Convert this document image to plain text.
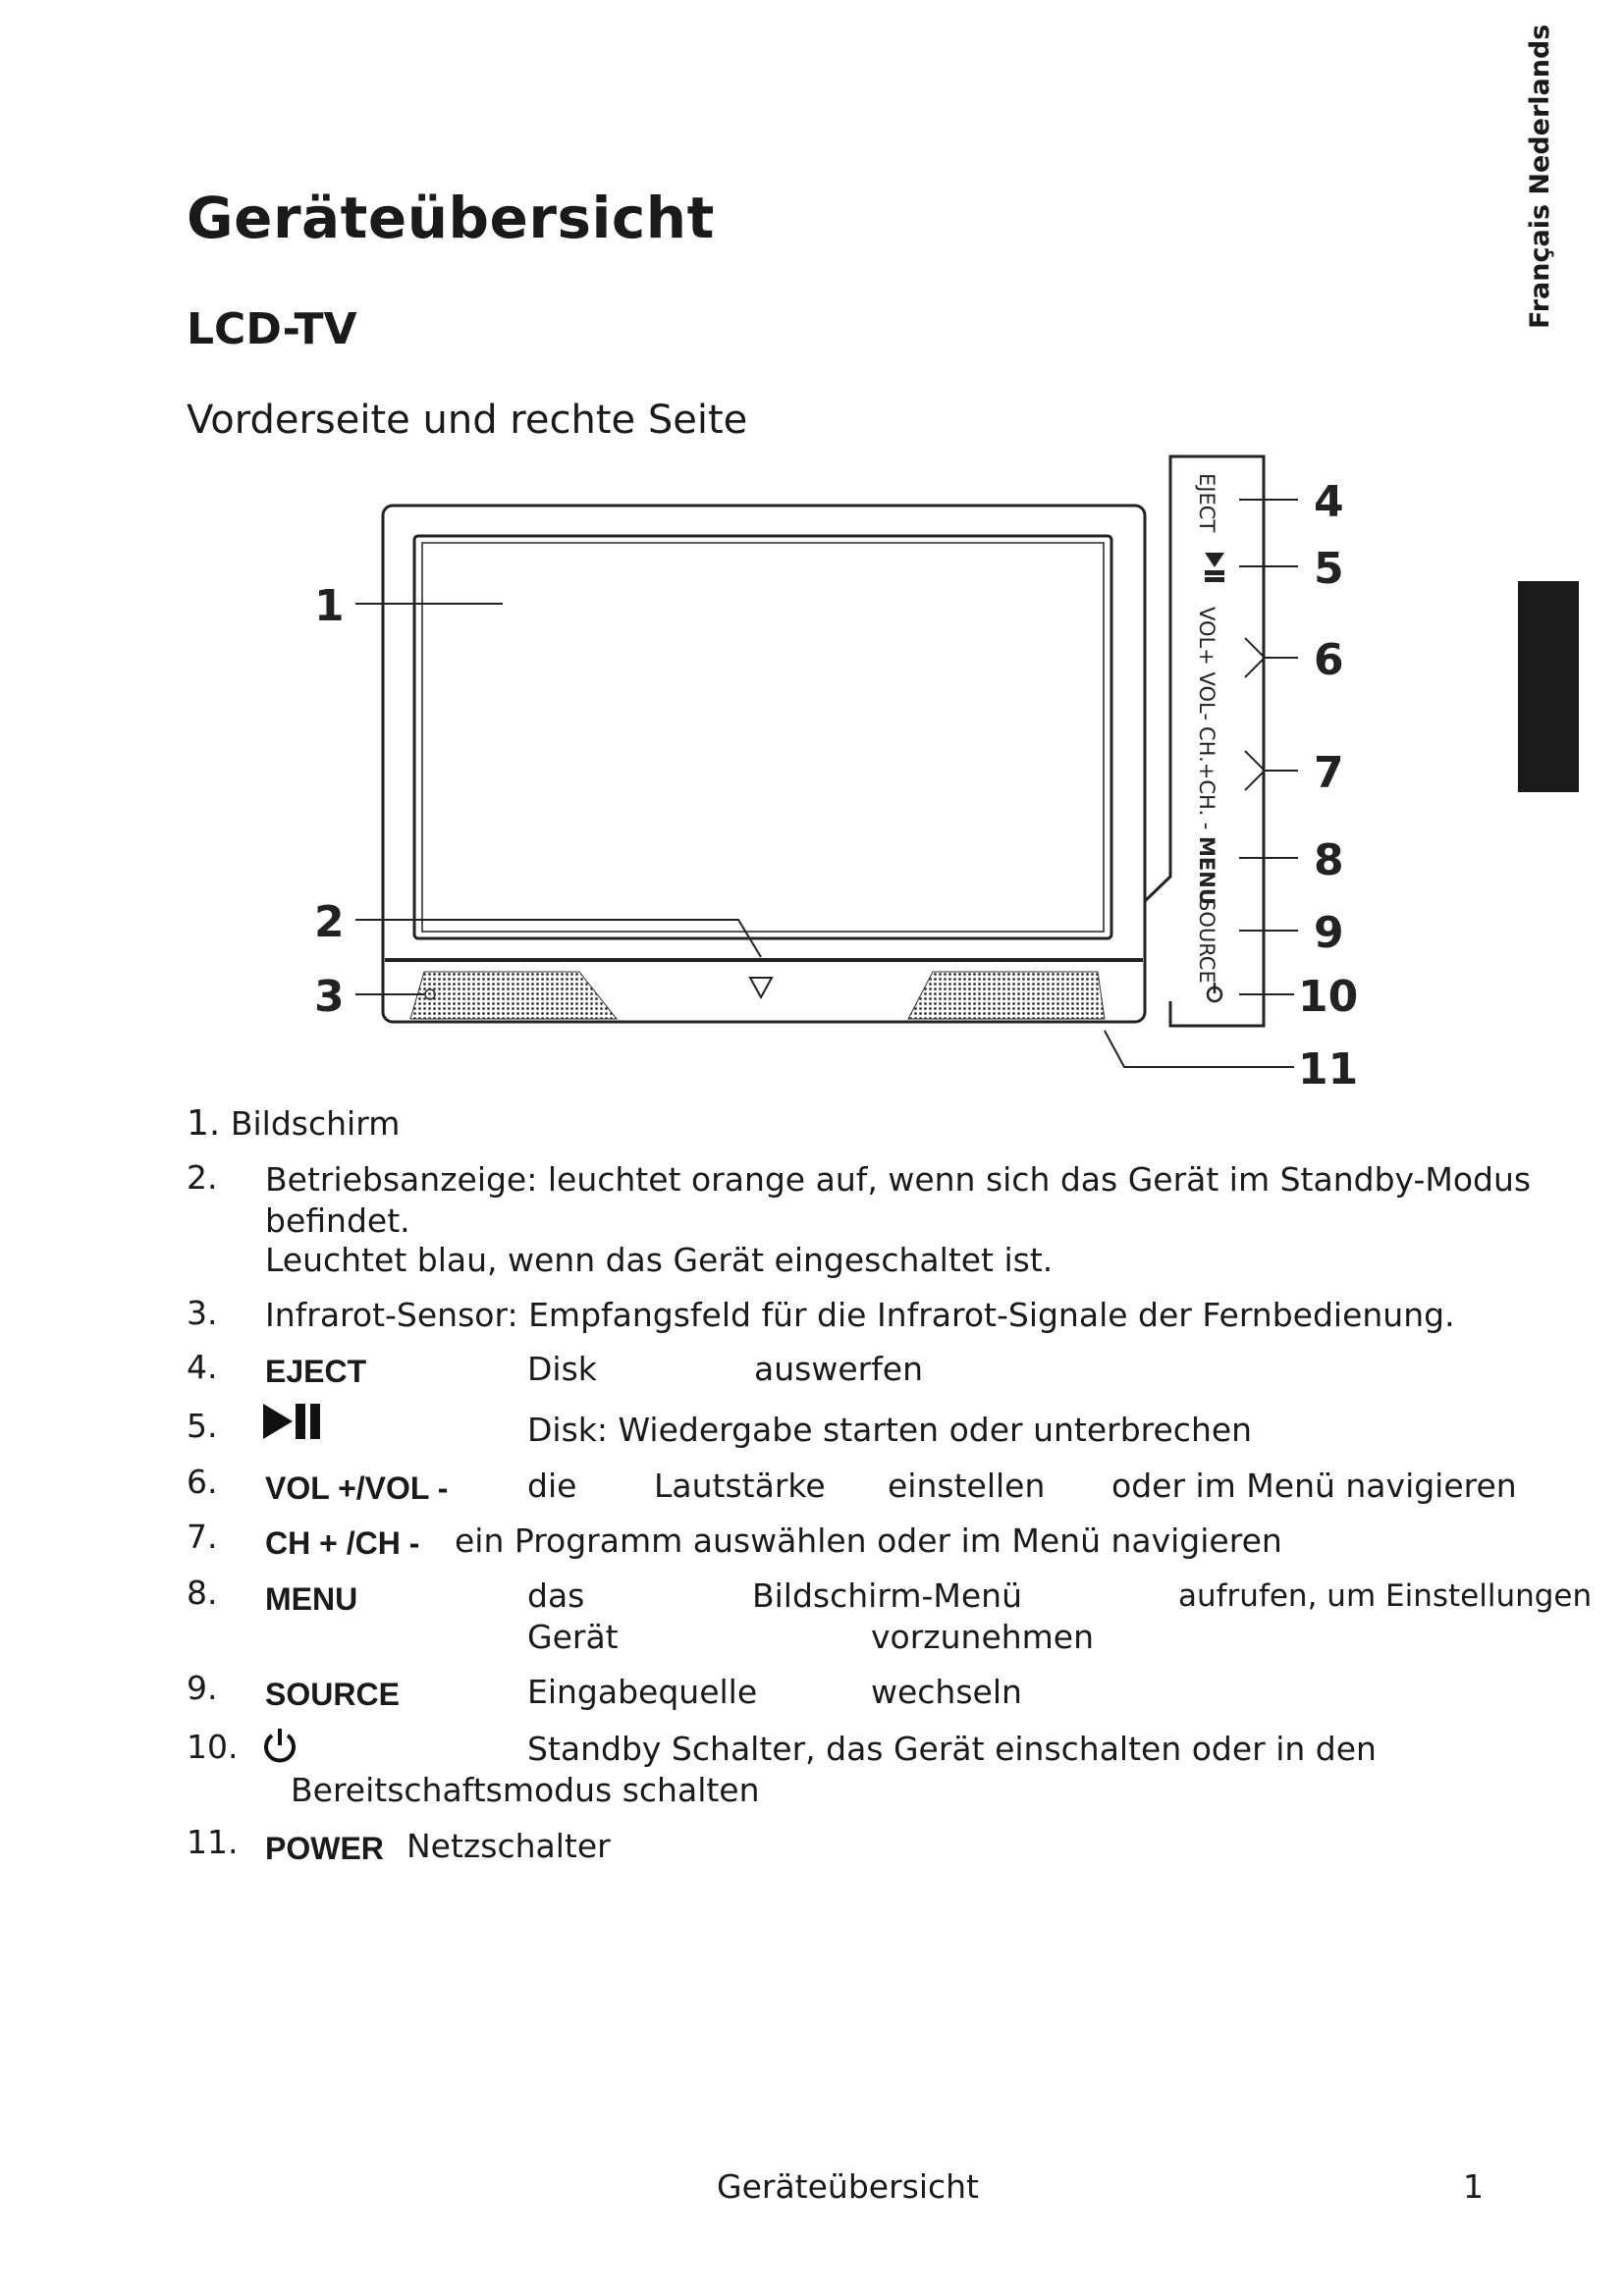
Français Nederlands
Geräteübersicht
LCD-TV
Vorderseite und rechte Seite
EJECT
VOL+ VOL-
CH.+CH. -
MENU
SOURCE
1
2
3
4
5
6
7
8
9
10
11
1. Bildschirm
2. Betriebsanzeige: leuchtet orange auf, wenn sich das Gerät im Standby-Modus
befindet.
Leuchtet blau, wenn das Gerät eingeschaltet ist.
3. Infrarot-Sensor: Empfangsfeld für die Infrarot-Signale der Fernbedienung.
4. EJECT	Disk	auswerfen
5.	Disk: Wiedergabe starten oder unterbrechen
6. VOL +/VOL - die Lautstärke einstellen oder im Menü navigieren
7. CH + /CH - ein Programm auswählen oder im Menü navigieren
8. MENU	das	Bildschirm-Menü	aufrufen, um Einstellungen
Gerät	vorzunehmen
9. SOURCE	Eingabequelle	wechseln
10.	Standby Schalter, das Gerät einschalten oder in den
Bereitschaftsmodus schalten
11. POWER Netzschalter
Geräteübersicht	1
